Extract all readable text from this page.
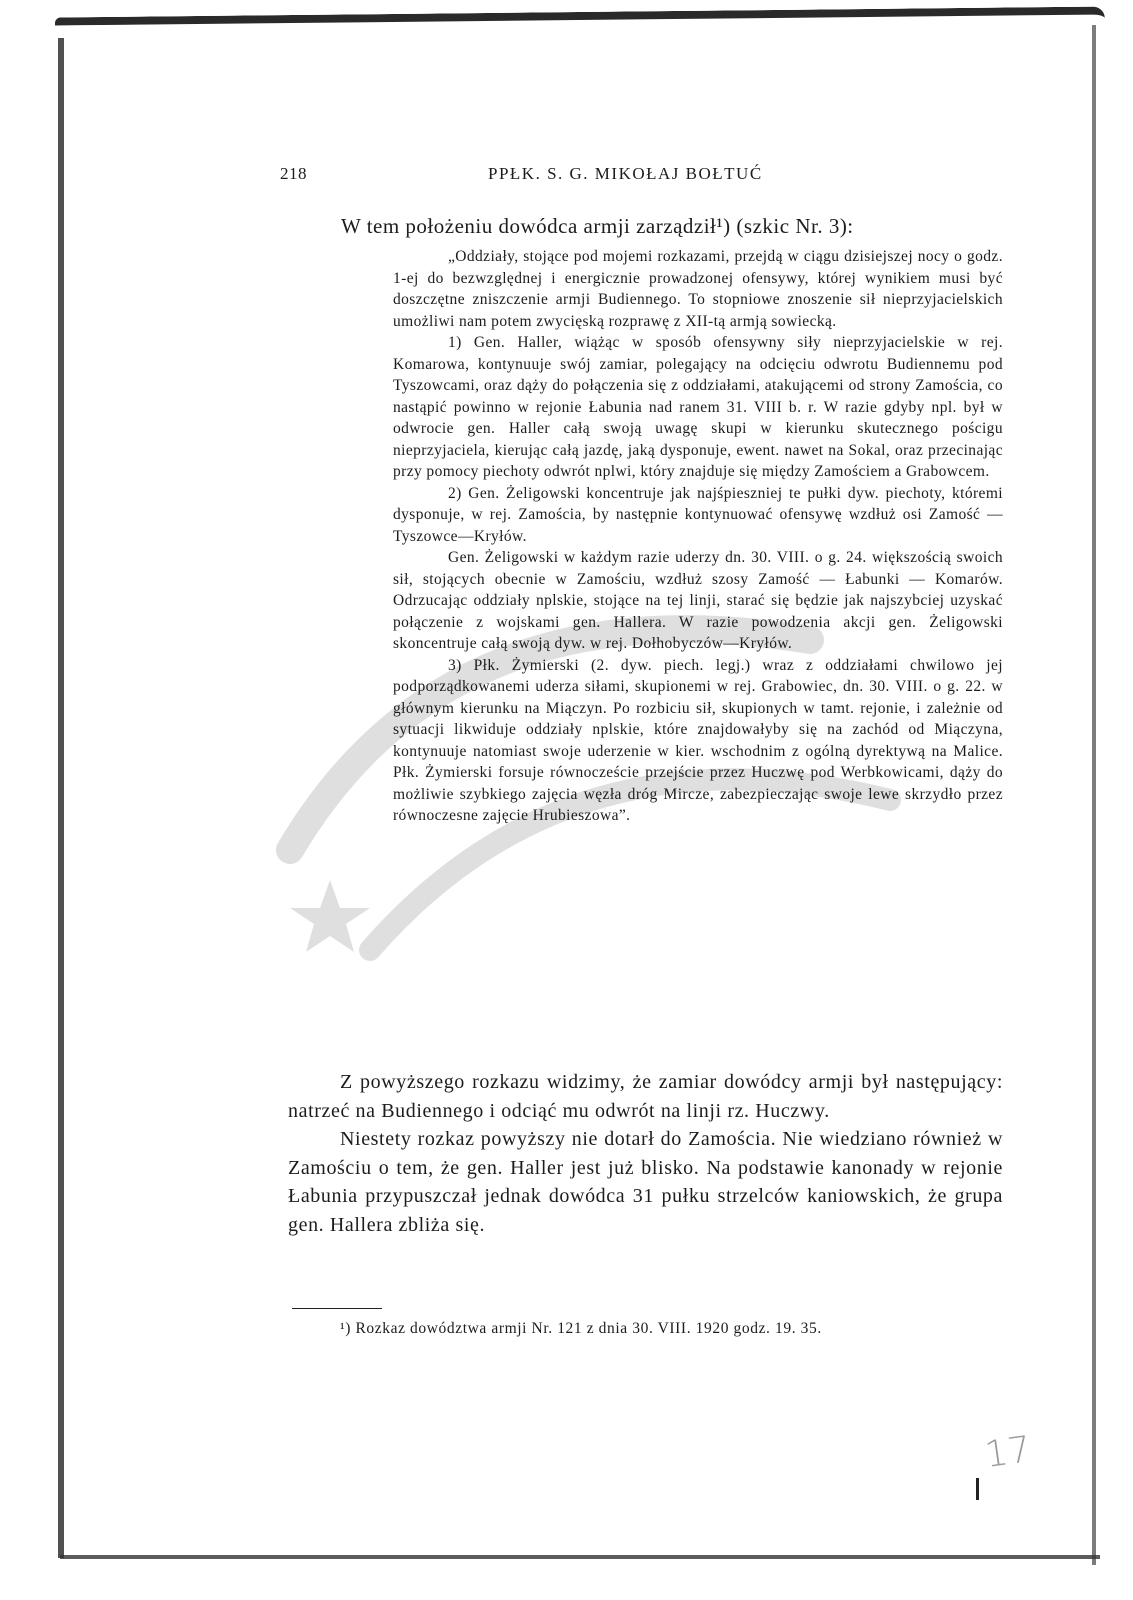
218	PPŁK. S. G. MIKOŁAJ BOŁTUĆ
W tem położeniu dowódca armji zarządził¹) (szkic Nr. 3):

„Oddziały, stojące pod mojemi rozkazami, przejdą w ciągu dzisiejszej nocy o godz. 1-ej do bezwzględnej i energicznie prowadzonej ofensywy, której wynikiem musi być doszczętne zniszczenie armji Budiennego. To stopniowe znoszenie sił nieprzyjacielskich umożliwi nam potem zwycięską rozprawę z XII-tą armją sowiecką.

1) Gen. Haller, wiążąc w sposób ofensywny siły nieprzyjacielskie w rej. Komarowa, kontynuuje swój zamiar, polegający na odcięciu odwrotu Budiennemu pod Tyszowcami, oraz dąży do połączenia się z oddziałami, atakującemi od strony Zamościa, co nastąpić powinno w rejonie Łabunia nad ranem 31. VIII b. r. W razie gdyby npl. był w odwrocie gen. Haller całą swoją uwagę skupi w kierunku skutecznego pościgu nieprzyjaciela, kierując całą jazdę, jaką dysponuje, ewent. nawet na Sokal, oraz przecinając przy pomocy piechoty odwrót nplwi, który znajduje się między Zamościem a Grabowcem.

2) Gen. Żeligowski koncentruje jak najśpieszniej te pułki dyw. piechoty, któremi dysponuje, w rej. Zamościa, by następnie kontynuować ofensywę wzdłuż osi Zamość — Tyszowce—Kryłów.

Gen. Żeligowski w każdym razie uderzy dn. 30. VIII. o g. 24. większością swoich sił, stojących obecnie w Zamościu, wzdłuż szosy Zamość — Łabunki — Komarów. Odrzucając oddziały nplskie, stojące na tej linji, starać się będzie jak najszybciej uzyskać połączenie z wojskami gen. Hallera. W razie powodzenia akcji gen. Żeligowski skoncentruje całą swoją dyw. w rej. Dołhobyczów—Kryłów.

3) Płk. Żymierski (2. dyw. piech. legj.) wraz z oddziałami chwilowo jej podporządkowanemi uderza siłami, skupionemi w rej. Grabowiec, dn. 30. VIII. o g. 22. w głównym kierunku na Miączyn. Po rozbiciu sił, skupionych w tamt. rejonie, i zależnie od sytuacji likwiduje oddziały nplskie, które znajdowałyby się na zachód od Miączyna, kontynuuje natomiast swoje uderzenie w kier. wschodnim z ogólną dyrektywą na Malice. Płk. Żymierski forsuje równoczeście przejście przez Huczwę pod Werbkowicami, dąży do możliwie szybkiego zajęcia węzła dróg Mircze, zabezpieczając swoje lewe skrzydło przez równoczesne zajęcie Hrubieszowa”.

Z powyższego rozkazu widzimy, że zamiar dowódcy armji był następujący: natrzeć na Budiennego i odciąć mu odwrót na linji rz. Huczwy.

Niestety rozkaz powyższy nie dotarł do Zamościa. Nie wiedziano również w Zamościu o tem, że gen. Haller jest już blisko. Na podstawie kanonady w rejonie Łabunia przypuszczał jednak dowódca 31 pułku strzelców kaniowskich, że grupa gen. Hallera zbliża się.

¹) Rozkaz dowództwa armji Nr. 121 z dnia 30. VIII. 1920 godz. 19. 35.
17
